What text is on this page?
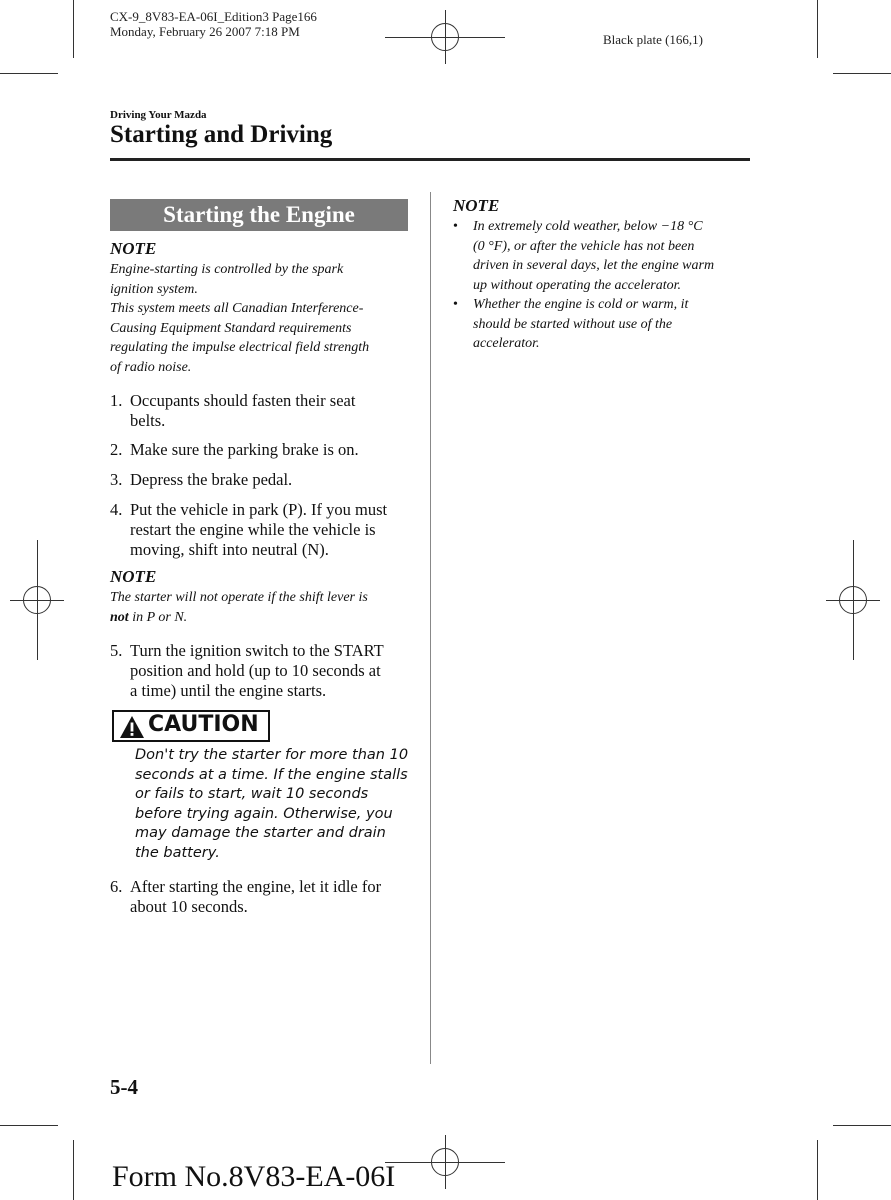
CX-9_8V83-EA-06I_Edition3 Page166
Monday, February 26 2007 7:18 PM
Black plate (166,1)
Driving Your Mazda
Starting and Driving
Starting the Engine
NOTE
Engine-starting is controlled by the spark
ignition system.
This system meets all Canadian Interference-
Causing Equipment Standard requirements
regulating the impulse electrical field strength
of radio noise.
1. Occupants should fasten their seat
belts.
2. Make sure the parking brake is on.
3. Depress the brake pedal.
4. Put the vehicle in park (P). If you must
restart the engine while the vehicle is
moving, shift into neutral (N).
NOTE
The starter will not operate if the shift lever is
not in P or N.
5. Turn the ignition switch to the START
position and hold (up to 10 seconds at
a time) until the engine starts.
CAUTION
Don't try the starter for more than 10
seconds at a time. If the engine stalls
or fails to start, wait 10 seconds
before trying again. Otherwise, you
may damage the starter and drain
the battery.
6. After starting the engine, let it idle for
about 10 seconds.
NOTE
• In extremely cold weather, below −18 °C
(0 °F), or after the vehicle has not been
driven in several days, let the engine warm
up without operating the accelerator.
• Whether the engine is cold or warm, it
should be started without use of the
accelerator.
5-4
Form No.8V83-EA-06I
